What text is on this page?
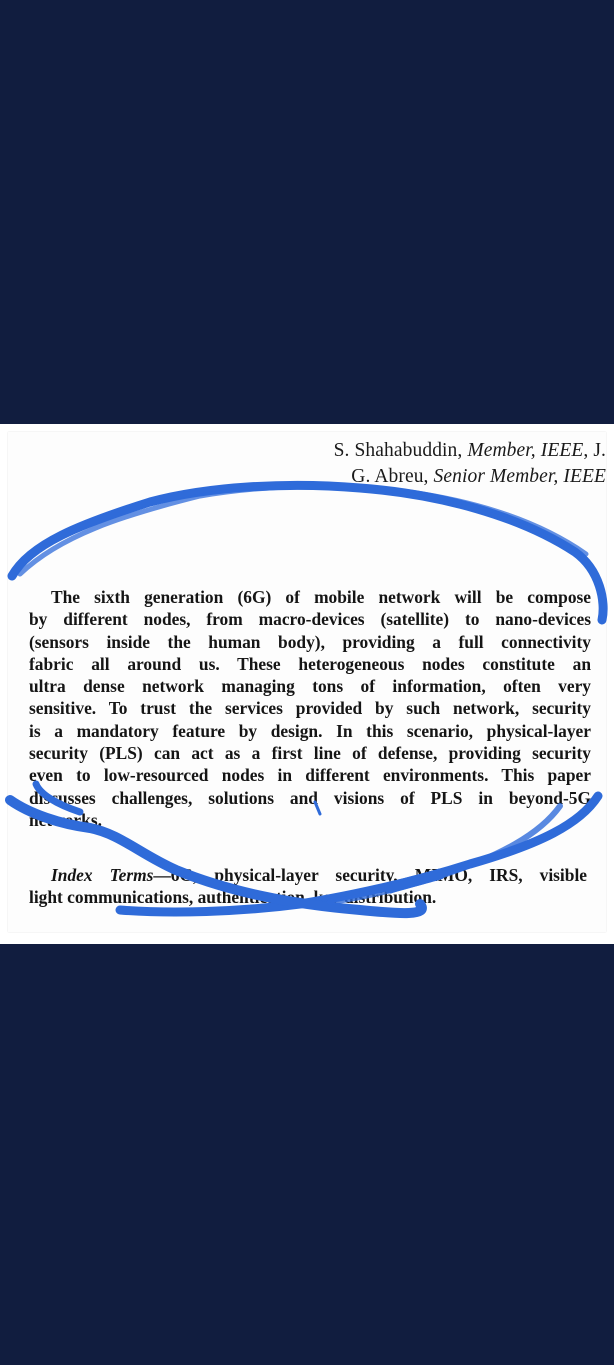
S. Shahabuddin, Member, IEEE, J.
G. Abreu, Senior Member, IEEE
The sixth generation (6G) of mobile network will be compose
by different nodes, from macro-devices (satellite) to nano-devices
(sensors inside the human body), providing a full connectivity
fabric all around us. These heterogeneous nodes constitute an
ultra dense network managing tons of information, often very
sensitive. To trust the services provided by such network, security
is a mandatory feature by design. In this scenario, physical-layer
security (PLS) can act as a first line of defense, providing security
even to low-resourced nodes in different environments. This paper
discusses challenges, solutions and visions of PLS in beyond-5G
networks.
Index Terms—6G, physical-layer security, MIMO, IRS, visible
light communications, authentication, key distribution.
